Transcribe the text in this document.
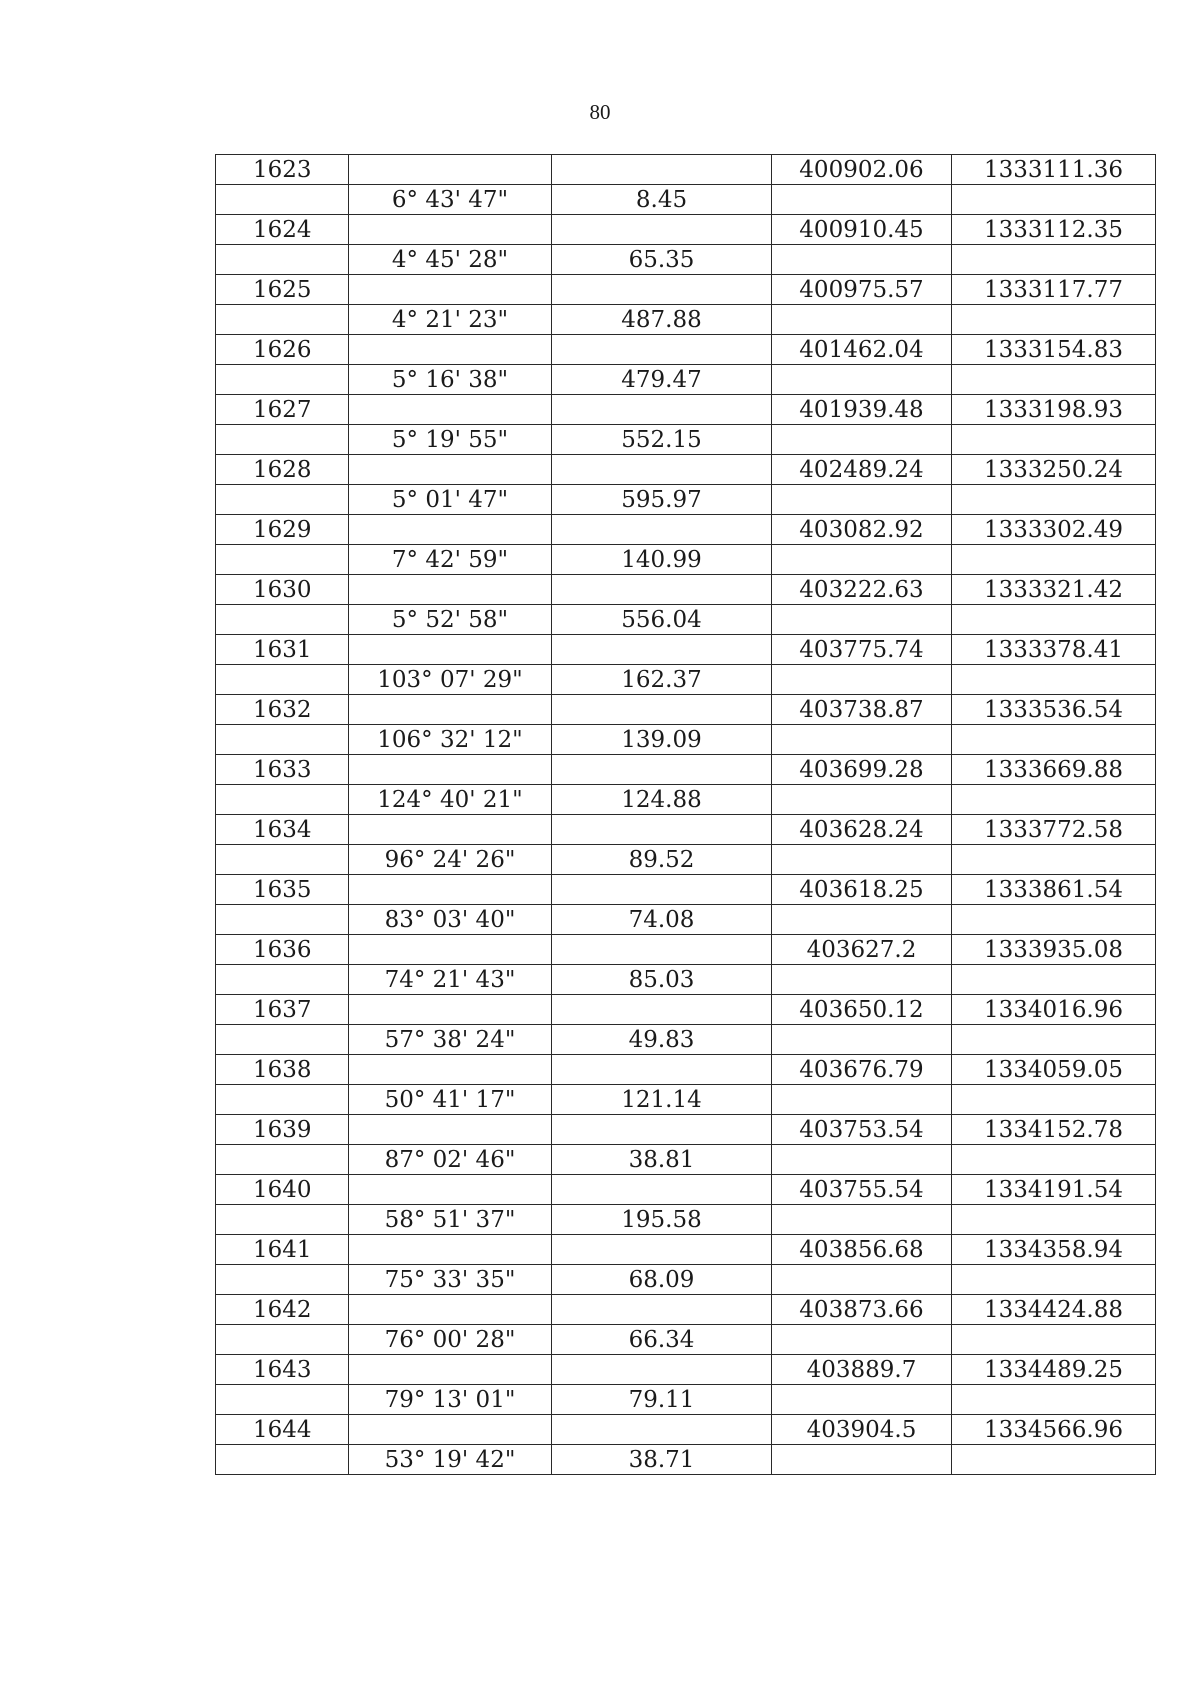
80
1623			400902.06	1333111.36
	6° 43' 47"	8.45		
1624			400910.45	1333112.35
	4° 45' 28"	65.35		
1625			400975.57	1333117.77
	4° 21' 23"	487.88		
1626			401462.04	1333154.83
	5° 16' 38"	479.47		
1627			401939.48	1333198.93
	5° 19' 55"	552.15		
1628			402489.24	1333250.24
	5° 01' 47"	595.97		
1629			403082.92	1333302.49
	7° 42' 59"	140.99		
1630			403222.63	1333321.42
	5° 52' 58"	556.04		
1631			403775.74	1333378.41
	103° 07' 29"	162.37		
1632			403738.87	1333536.54
	106° 32' 12"	139.09		
1633			403699.28	1333669.88
	124° 40' 21"	124.88		
1634			403628.24	1333772.58
	96° 24' 26"	89.52		
1635			403618.25	1333861.54
	83° 03' 40"	74.08		
1636			403627.2	1333935.08
	74° 21' 43"	85.03		
1637			403650.12	1334016.96
	57° 38' 24"	49.83		
1638			403676.79	1334059.05
	50° 41' 17"	121.14		
1639			403753.54	1334152.78
	87° 02' 46"	38.81		
1640			403755.54	1334191.54
	58° 51' 37"	195.58		
1641			403856.68	1334358.94
	75° 33' 35"	68.09		
1642			403873.66	1334424.88
	76° 00' 28"	66.34		
1643			403889.7	1334489.25
	79° 13' 01"	79.11		
1644			403904.5	1334566.96
	53° 19' 42"	38.71		
